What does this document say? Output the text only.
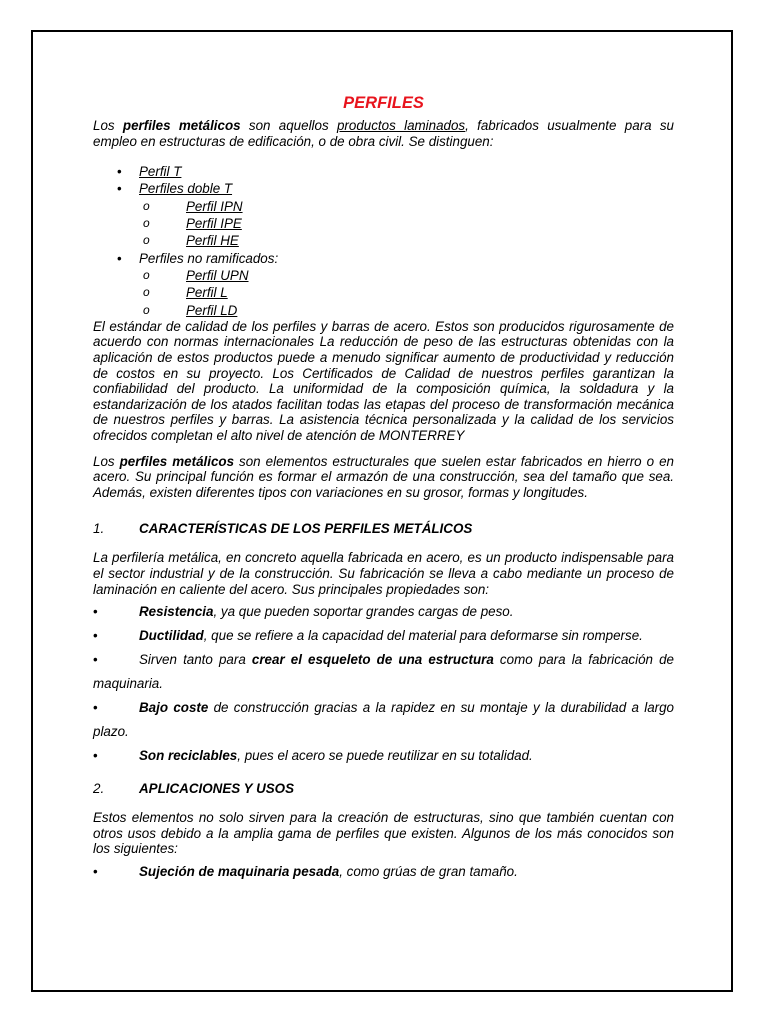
PERFILES

Los perfiles metálicos son aquellos productos laminados, fabricados usualmente para su empleo en estructuras de edificación, o de obra civil. Se distinguen:

• Perfil T
• Perfiles doble T
o	Perfil IPN
o	Perfil IPE
o	Perfil HE
• Perfiles no ramificados:
o	Perfil UPN
o	Perfil L
o	Perfil LD

El estándar de calidad de los perfiles y barras de acero. Estos son producidos rigurosamente de acuerdo con normas internacionales La reducción de peso de las estructuras obtenidas con la aplicación de estos productos puede a menudo significar aumento de productividad y reducción de costos en su proyecto. Los Certificados de Calidad de nuestros perfiles garantizan la confiabilidad del producto. La uniformidad de la composición química, la soldadura y la estandarización de los atados facilitan todas las etapas del proceso de transformación mecánica de nuestros perfiles y barras. La asistencia técnica personalizada y la calidad de los servicios ofrecidos completan el alto nivel de atención de MONTERREY

Los perfiles metálicos son elementos estructurales que suelen estar fabricados en hierro o en acero. Su principal función es formar el armazón de una construcción, sea del tamaño que sea. Además, existen diferentes tipos con variaciones en su grosor, formas y longitudes.

1.	CARACTERÍSTICAS DE LOS PERFILES METÁLICOS

La perfilería metálica, en concreto aquella fabricada en acero, es un producto indispensable para el sector industrial y de la construcción. Su fabricación se lleva a cabo mediante un proceso de laminación en caliente del acero. Sus principales propiedades son:

•	Resistencia, ya que pueden soportar grandes cargas de peso.
•	Ductilidad, que se refiere a la capacidad del material para deformarse sin romperse.
•	Sirven tanto para crear el esqueleto de una estructura como para la fabricación de maquinaria.
•	Bajo coste de construcción gracias a la rapidez en su montaje y la durabilidad a largo plazo.
•	Son reciclables, pues el acero se puede reutilizar en su totalidad.
2.	APLICACIONES Y USOS

Estos elementos no solo sirven para la creación de estructuras, sino que también cuentan con otros usos debido a la amplia gama de perfiles que existen. Algunos de los más conocidos son los siguientes:

•	Sujeción de maquinaria pesada, como grúas de gran tamaño.
